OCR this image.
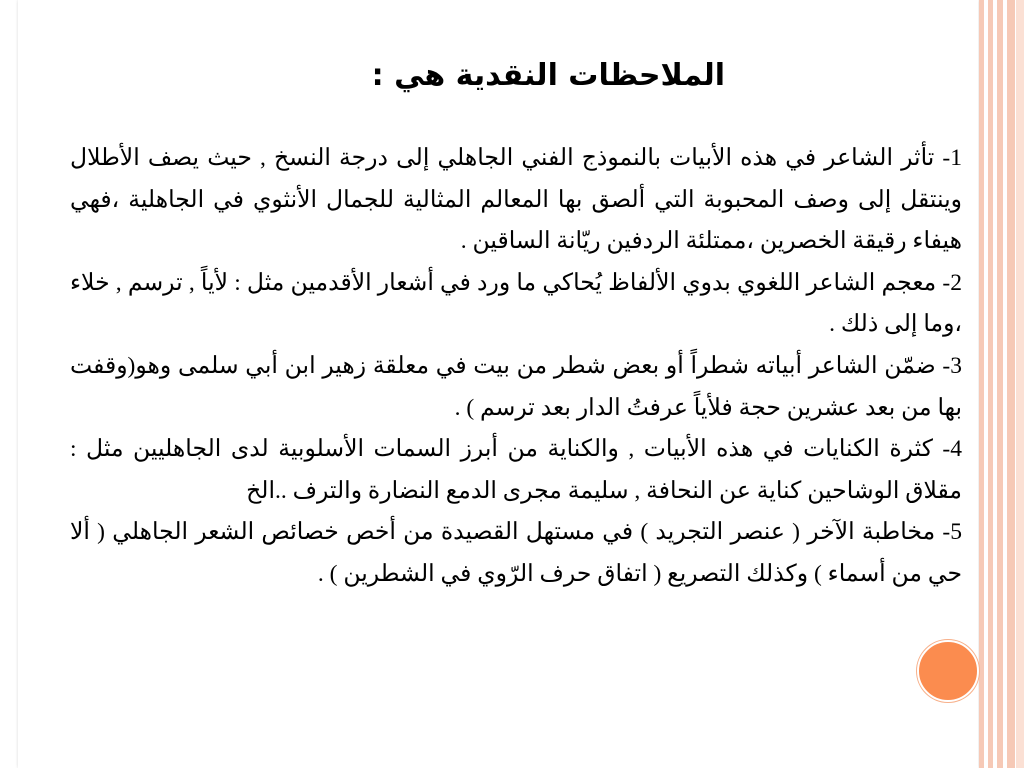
الملاحظات النقدية هي :

1- تأثر الشاعر في هذه الأبيات بالنموذج الفني الجاهلي إلى درجة النسخ , حيث يصف الأطلال وينتقل إلى وصف المحبوبة التي ألصق بها المعالم المثالية للجمال الأنثوي في الجاهلية ،فهي هيفاء رقيقة الخصرين ،ممتلئة الردفين ريّانة الساقين .

2- معجم الشاعر اللغوي بدوي الألفاظ يُحاكي ما ورد في أشعار الأقدمين مثل : لأياً , ترسم , خلاء ،وما إلى ذلك .

3- ضمّن الشاعر أبياته شطراً أو بعض شطر من بيت في معلقة زهير ابن أبي سلمى وهو(وقفت بها من بعد عشرين حجة فلأياً عرفتُ الدار بعد ترسم ) .

4- كثرة الكنايات في هذه الأبيات , والكناية من أبرز السمات الأسلوبية لدى الجاهليين مثل : مقلاق الوشاحين كناية عن النحافة , سليمة مجرى الدمع النضارة والترف ..الخ

5- مخاطبة الآخر ( عنصر التجريد ) في مستهل القصيدة من أخص خصائص الشعر الجاهلي ( ألا حي من أسماء ) وكذلك التصريع ( اتفاق حرف الرّوي في الشطرين ) .
